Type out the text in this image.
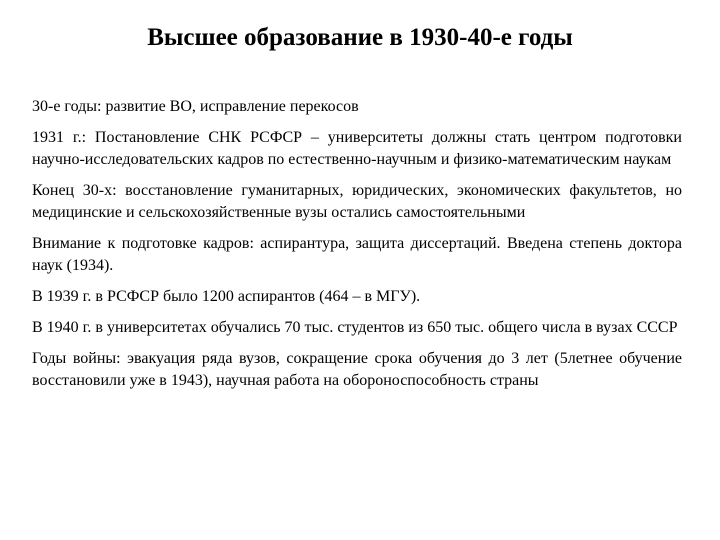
Высшее образование в 1930-40-е годы
30-е годы: развитие ВО, исправление перекосов
1931 г.: Постановление СНК РСФСР – университеты должны стать центром подготовки научно-исследовательских кадров по естественно-научным и физико-математическим наукам
Конец 30-х: восстановление гуманитарных, юридических, экономических факультетов, но медицинские и сельскохозяйственные вузы остались самостоятельными
Внимание к подготовке кадров: аспирантура, защита диссертаций. Введена степень доктора наук (1934).
В 1939 г. в РСФСР было 1200 аспирантов (464 – в МГУ).
В 1940 г. в университетах обучались 70 тыс. студентов из 650 тыс. общего числа в вузах СССР
Годы войны: эвакуация ряда вузов, сокращение срока обучения до 3 лет (5летнее обучение восстановили уже в 1943), научная работа на обороноспособность страны
